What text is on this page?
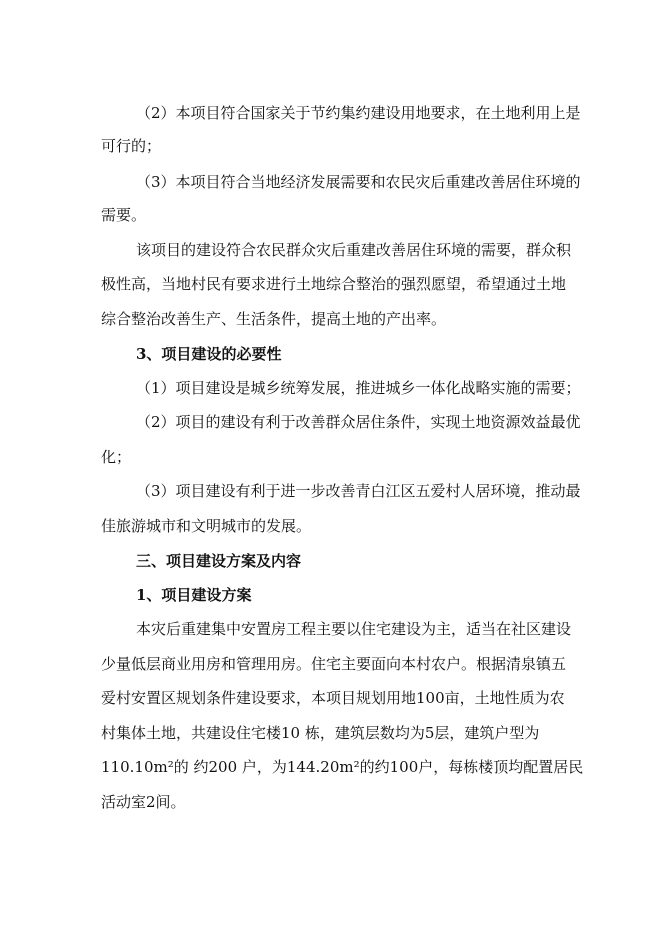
（2）本项目符合国家关于节约集约建设用地要求，在土地利用上是

可行的；

（3）本项目符合当地经济发展需要和农民灾后重建改善居住环境的

需要。

该项目的建设符合农民群众灾后重建改善居住环境的需要，群众积

极性高，当地村民有要求进行土地综合整治的强烈愿望，希望通过土地

综合整治改善生产、生活条件，提高土地的产出率。

3、项目建设的必要性

（1）项目建设是城乡统筹发展，推进城乡一体化战略实施的需要；

（2）项目的建设有利于改善群众居住条件，实现土地资源效益最优

化；

（3）项目建设有利于进一步改善青白江区五爱村人居环境，推动最

佳旅游城市和文明城市的发展。

三、项目建设方案及内容

1、项目建设方案

本灾后重建集中安置房工程主要以住宅建设为主，适当在社区建设

少量低层商业用房和管理用房。住宅主要面向本村农户。根据清泉镇五

爱村安置区规划条件建设要求，本项目规划用地100亩，土地性质为农

村集体土地，共建设住宅楼10 栋，建筑层数均为5层，建筑户型为

110.10m²的 约200 户，为144.20m²的约100户，每栋楼顶均配置居民

活动室2间。
